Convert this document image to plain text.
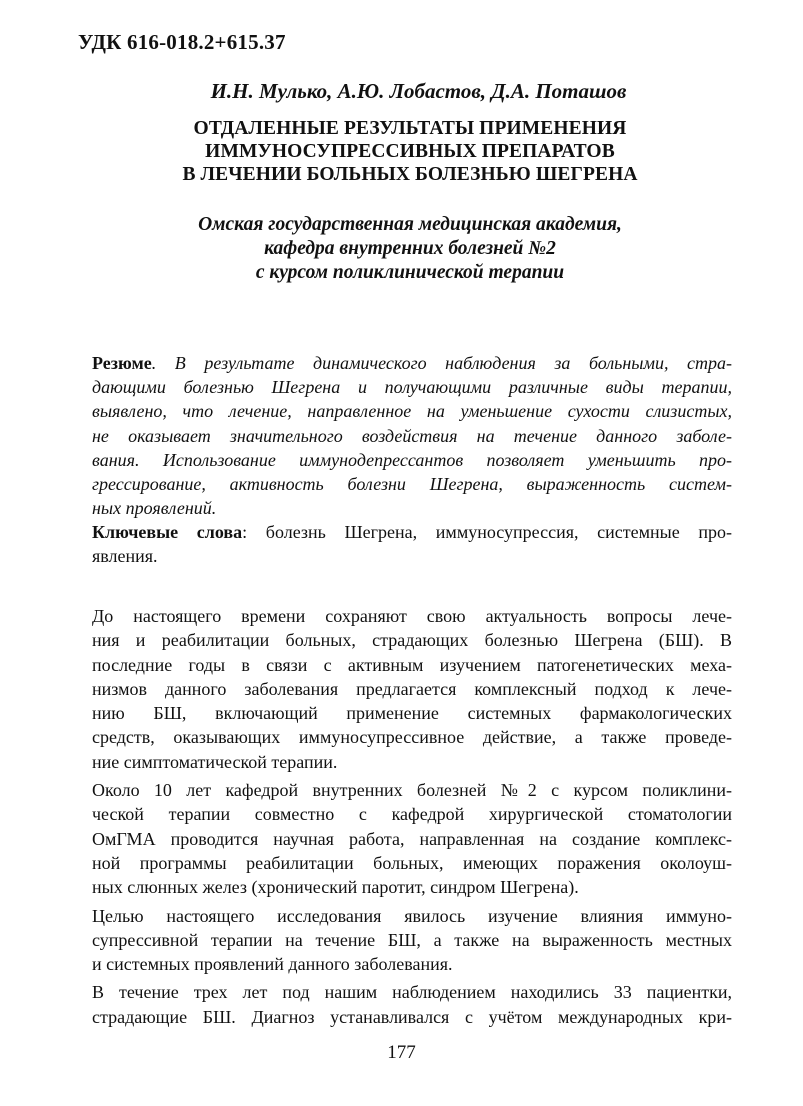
УДК 616-018.2+615.37
И.Н. Мулько, А.Ю. Лобастов, Д.А. Поташов
ОТДАЛЕННЫЕ РЕЗУЛЬТАТЫ ПРИМЕНЕНИЯ
ИММУНОСУПРЕССИВНЫХ ПРЕПАРАТОВ
В ЛЕЧЕНИИ БОЛЬНЫХ БОЛЕЗНЬЮ ШЕГРЕНА
Омская государственная медицинская академия,
кафедра внутренних болезней №2
с курсом поликлинической терапии
Резюме. В результате динамического наблюдения за больными, стра-
дающими болезнью Шегрена и получающими различные виды терапии,
выявлено, что лечение, направленное на уменьшение сухости слизистых,
не оказывает значительного воздействия на течение данного заболе-
вания. Использование иммунодепрессантов позволяет уменьшить про-
грессирование, активность болезни Шегрена, выраженность систем-
ных проявлений.
Ключевые слова: болезнь Шегрена, иммуносупрессия, системные про-
явления.
До настоящего времени сохраняют свою актуальность вопросы лече-
ния и реабилитации больных, страдающих болезнью Шегрена (БШ). В
последние годы в связи с активным изучением патогенетических меха-
низмов данного заболевания предлагается комплексный подход к лече-
нию БШ, включающий применение системных фармакологических
средств, оказывающих иммуносупрессивное действие, а также проведе-
ние симптоматической терапии.
Около 10 лет кафедрой внутренних болезней №2 с курсом поликлини-
ческой терапии совместно с кафедрой хирургической стоматологии
ОмГМА проводится научная работа, направленная на создание комплекс-
ной программы реабилитации больных, имеющих поражения околоуш-
ных слюнных желез (хронический паротит, синдром Шегрена).
Целью настоящего исследования явилось изучение влияния иммуно-
супрессивной терапии на течение БШ, а также на выраженность местных
и системных проявлений данного заболевания.
В течение трех лет под нашим наблюдением находились 33 пациентки,
страдающие БШ. Диагноз устанавливался с учётом международных кри-
177
